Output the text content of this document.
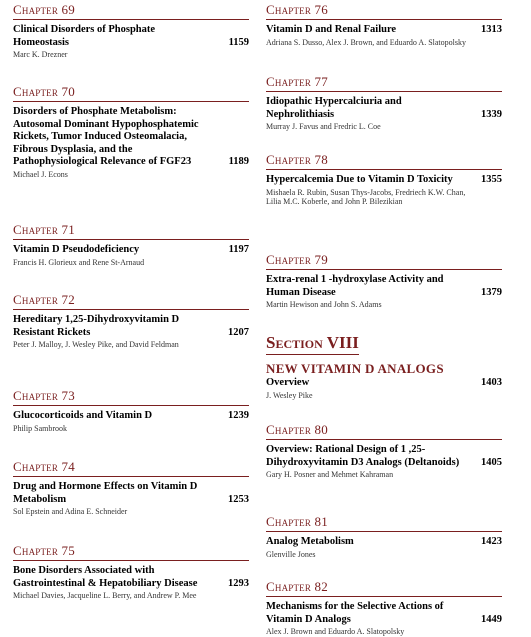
Chapter 69
Clinical Disorders of Phosphate Homeostasis	1159
Marc K. Drezner
Chapter 70
Disorders of Phosphate Metabolism: Autosomal Dominant Hypophosphatemic Rickets, Tumor Induced Osteomalacia, Fibrous Dysplasia, and the Pathophysiological Relevance of FGF23	1189
Michael J. Econs
Chapter 71
Vitamin D Pseudodeficiency	1197
Francis H. Glorieux and Rene St-Arnaud
Chapter 72
Hereditary 1,25-Dihydroxyvitamin D Resistant Rickets	1207
Peter J. Malloy, J. Wesley Pike, and David Feldman
Chapter 73
Glucocorticoids and Vitamin D	1239
Philip Sambrook
Chapter 74
Drug and Hormone Effects on Vitamin D Metabolism	1253
Sol Epstein and Adina E. Schneider
Chapter 75
Bone Disorders Associated with Gastrointestinal & Hepatobiliary Disease	1293
Michael Davies, Jacqueline L. Berry, and Andrew P. Mee
Chapter 76
Vitamin D and Renal Failure	1313
Adriana S. Dusso, Alex J. Brown, and Eduardo A. Slatopolsky
Chapter 77
Idiopathic Hypercalciuria and Nephrolithiasis	1339
Murray J. Favus and Fredric L. Coe
Chapter 78
Hypercalcemia Due to Vitamin D Toxicity	1355
Mishaela R. Rubin, Susan Thys-Jacobs, Fredriech K.W. Chan, Lilia M.C. Koberle, and John P. Bilezikian
Chapter 79
Extra-renal 1 -hydroxylase Activity and Human Disease	1379
Martin Hewison and John S. Adams
Section VIII
NEW VITAMIN D ANALOGS
Overview	1403
J. Wesley Pike
Chapter 80
Overview: Rational Design of 1 ,25-Dihydroxyvitamin D3 Analogs (Deltanoids)	1405
Gary H. Posner and Mehmet Kahraman
Chapter 81
Analog Metabolism	1423
Glenville Jones
Chapter 82
Mechanisms for the Selective Actions of Vitamin D Analogs	1449
Alex J. Brown and Eduardo A. Slatopolsky
